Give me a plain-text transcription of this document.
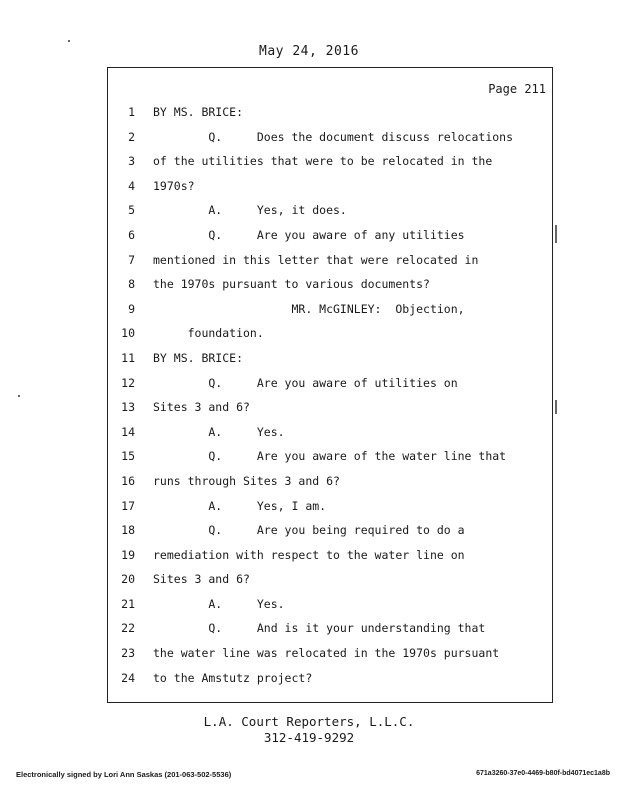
May 24, 2016
Page 211
1 BY MS. BRICE:
2 Q.     Does the document discuss relocations
3 of the utilities that were to be relocated in the
4 1970s?
5 A.     Yes, it does.
6 Q.     Are you aware of any utilities
7 mentioned in this letter that were relocated in
8 the 1970s pursuant to various documents?
9 MR. McGINLEY:  Objection,
10 foundation.
11 BY MS. BRICE:
12 Q.     Are you aware of utilities on
13 Sites 3 and 6?
14 A.     Yes.
15 Q.     Are you aware of the water line that
16 runs through Sites 3 and 6?
17 A.     Yes, I am.
18 Q.     Are you being required to do a
19 remediation with respect to the water line on
20 Sites 3 and 6?
21 A.     Yes.
22 Q.     And is it your understanding that
23 the water line was relocated in the 1970s pursuant
24 to the Amstutz project?
L.A. Court Reporters, L.L.C.
312-419-9292
Electronically signed by Lori Ann Saskas (201-063-502-5536)	671a3260-37e0-4469-b80f-bd4071ec1a8b
